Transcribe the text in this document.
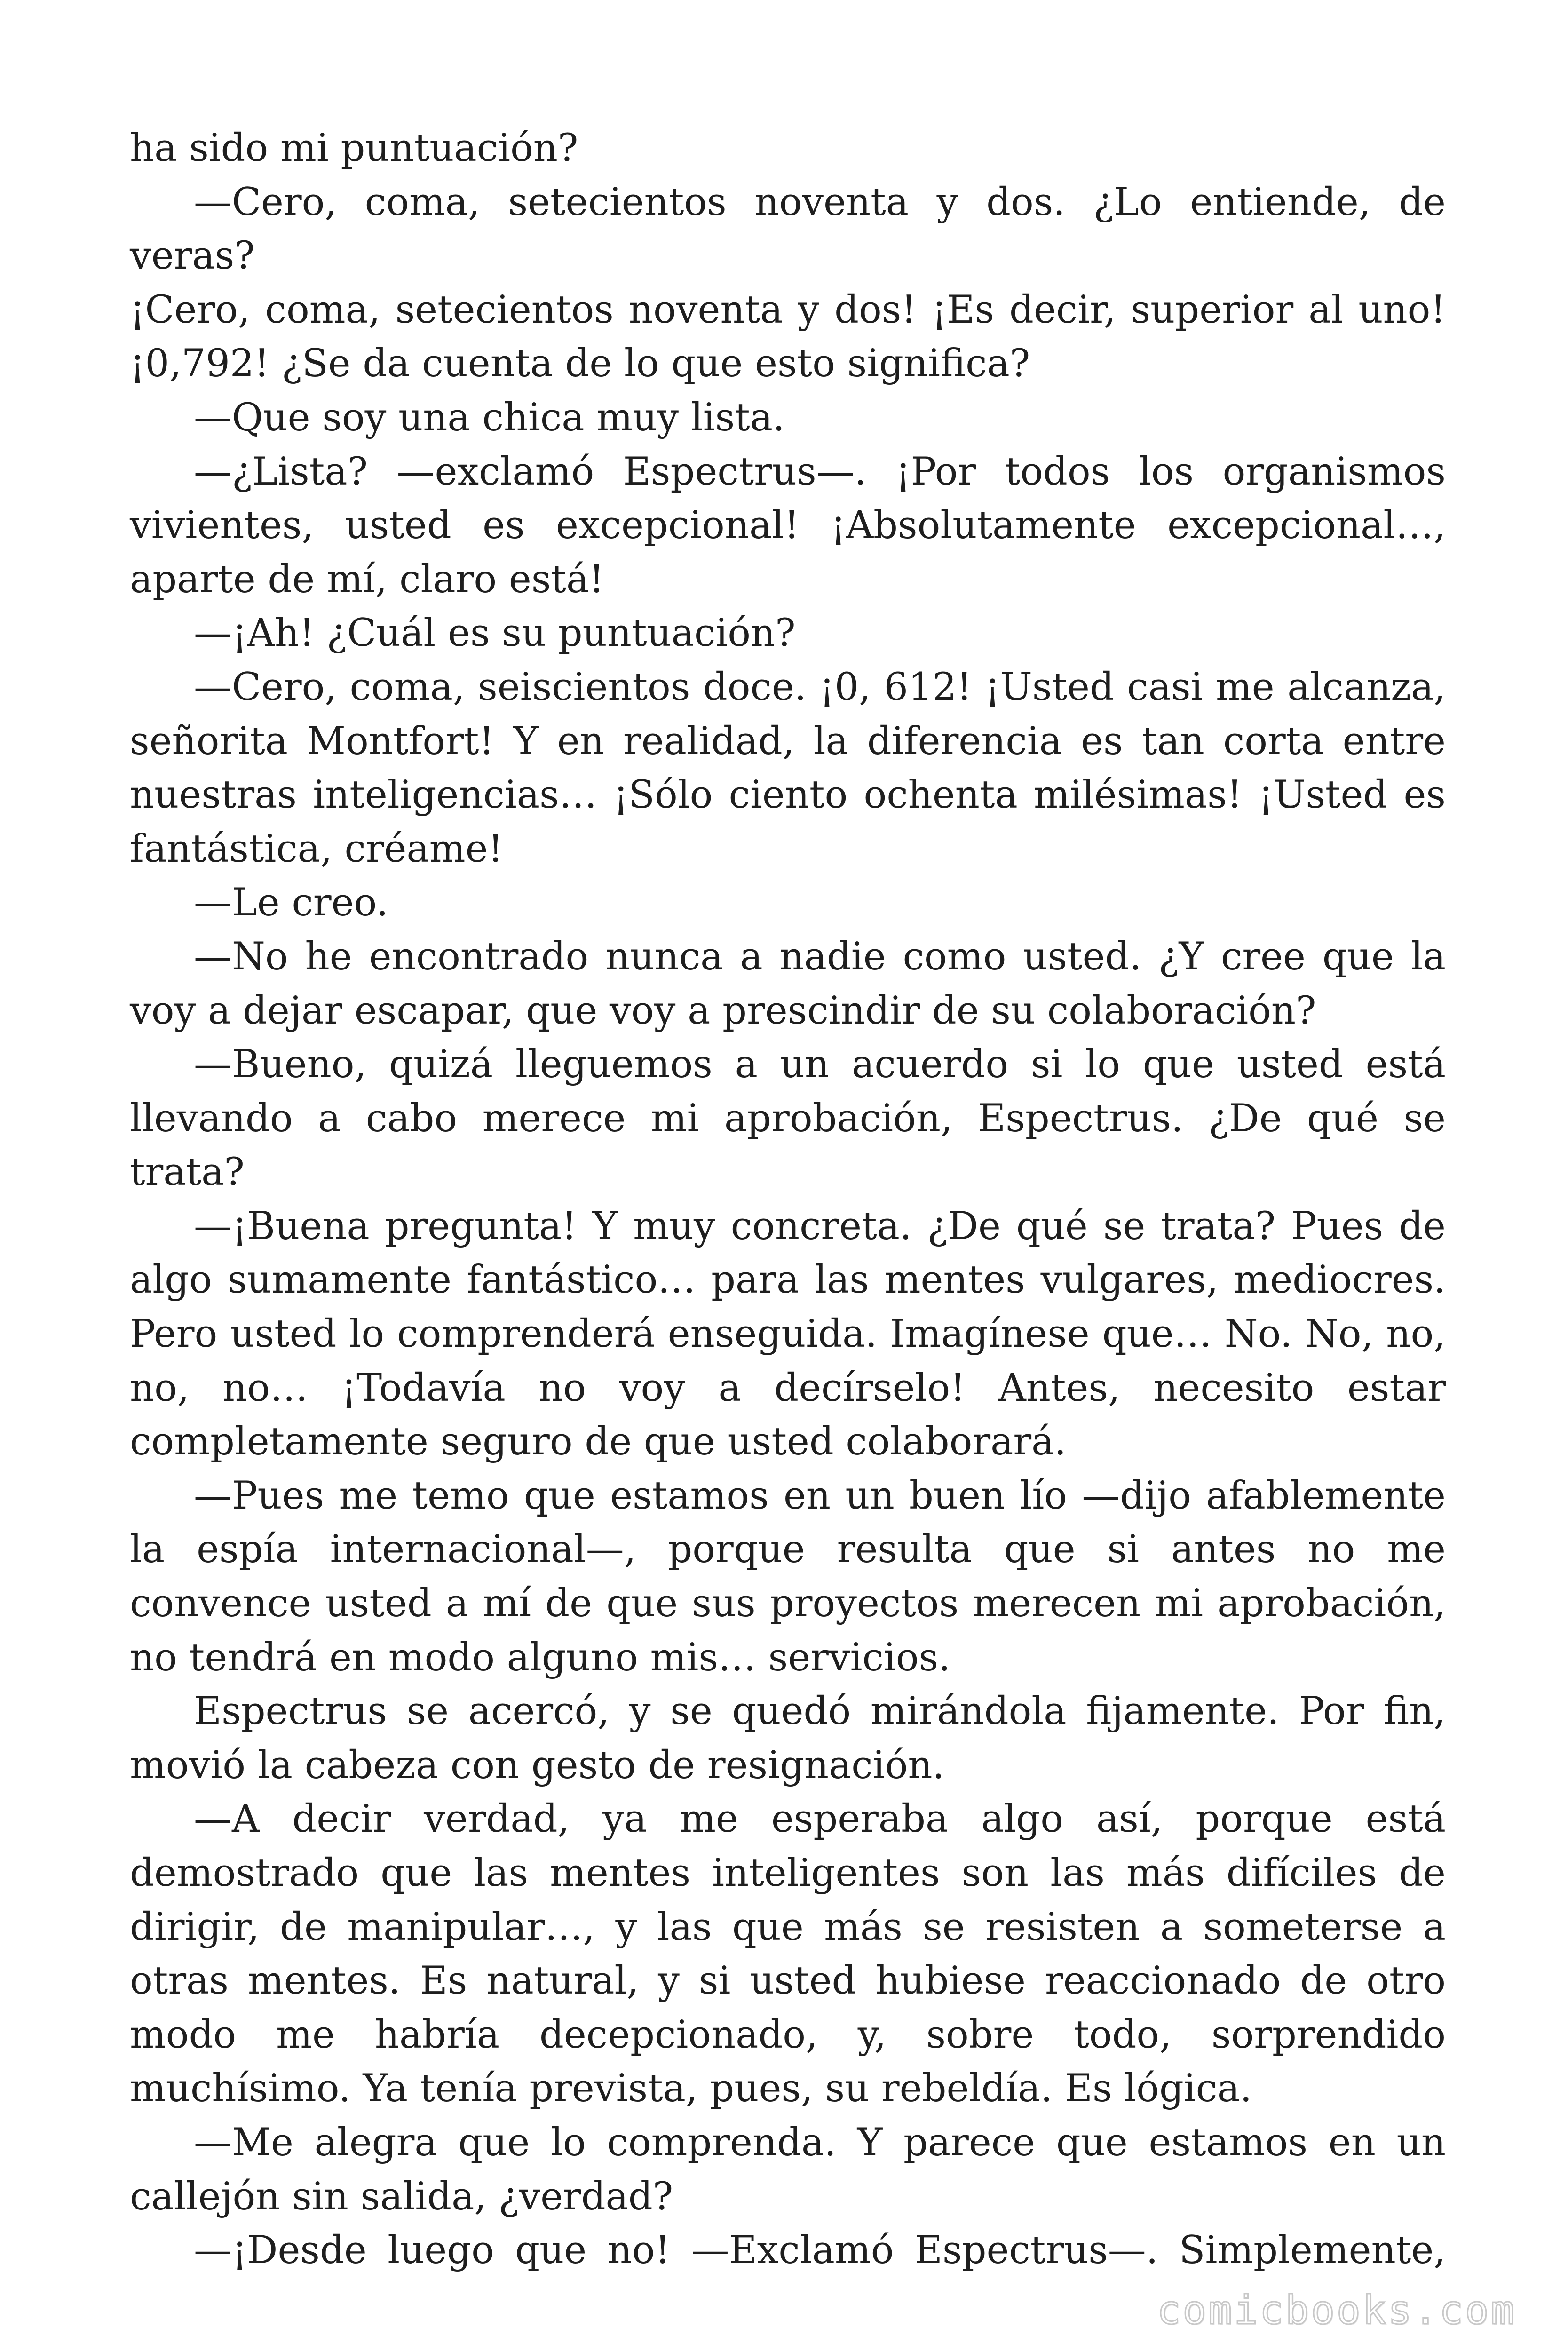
ha sido mi puntuación?
—Cero, coma, setecientos noventa y dos. ¿Lo entiende, de veras?
¡Cero, coma, setecientos noventa y dos! ¡Es decir, superior al uno!
¡0,792! ¿Se da cuenta de lo que esto significa?
—Que soy una chica muy lista.
—¿Lista? —exclamó Espectrus—. ¡Por todos los organismos
vivientes, usted es excepcional! ¡Absolutamente excepcional…,
aparte de mí, claro está!
—¡Ah! ¿Cuál es su puntuación?
—Cero, coma, seiscientos doce. ¡0, 612! ¡Usted casi me alcanza,
señorita Montfort! Y en realidad, la diferencia es tan corta entre
nuestras inteligencias… ¡Sólo ciento ochenta milésimas! ¡Usted es
fantástica, créame!
—Le creo.
—No he encontrado nunca a nadie como usted. ¿Y cree que la
voy a dejar escapar, que voy a prescindir de su colaboración?
—Bueno, quizá lleguemos a un acuerdo si lo que usted está
llevando a cabo merece mi aprobación, Espectrus. ¿De qué se trata?
—¡Buena pregunta! Y muy concreta. ¿De qué se trata? Pues de
algo sumamente fantástico… para las mentes vulgares, mediocres.
Pero usted lo comprenderá enseguida. Imagínese que… No. No, no,
no, no… ¡Todavía no voy a decírselo! Antes, necesito estar
completamente seguro de que usted colaborará.
—Pues me temo que estamos en un buen lío —dijo afablemente
la espía internacional—, porque resulta que si antes no me
convence usted a mí de que sus proyectos merecen mi aprobación,
no tendrá en modo alguno mis… servicios.
Espectrus se acercó, y se quedó mirándola fijamente. Por fin,
movió la cabeza con gesto de resignación.
—A decir verdad, ya me esperaba algo así, porque está
demostrado que las mentes inteligentes son las más difíciles de
dirigir, de manipular…, y las que más se resisten a someterse a
otras mentes. Es natural, y si usted hubiese reaccionado de otro
modo me habría decepcionado, y, sobre todo, sorprendido
muchísimo. Ya tenía prevista, pues, su rebeldía. Es lógica.
—Me alegra que lo comprenda. Y parece que estamos en un
callejón sin salida, ¿verdad?
—¡Desde luego que no! —Exclamó Espectrus—. Simplemente,
comicbooks.com
